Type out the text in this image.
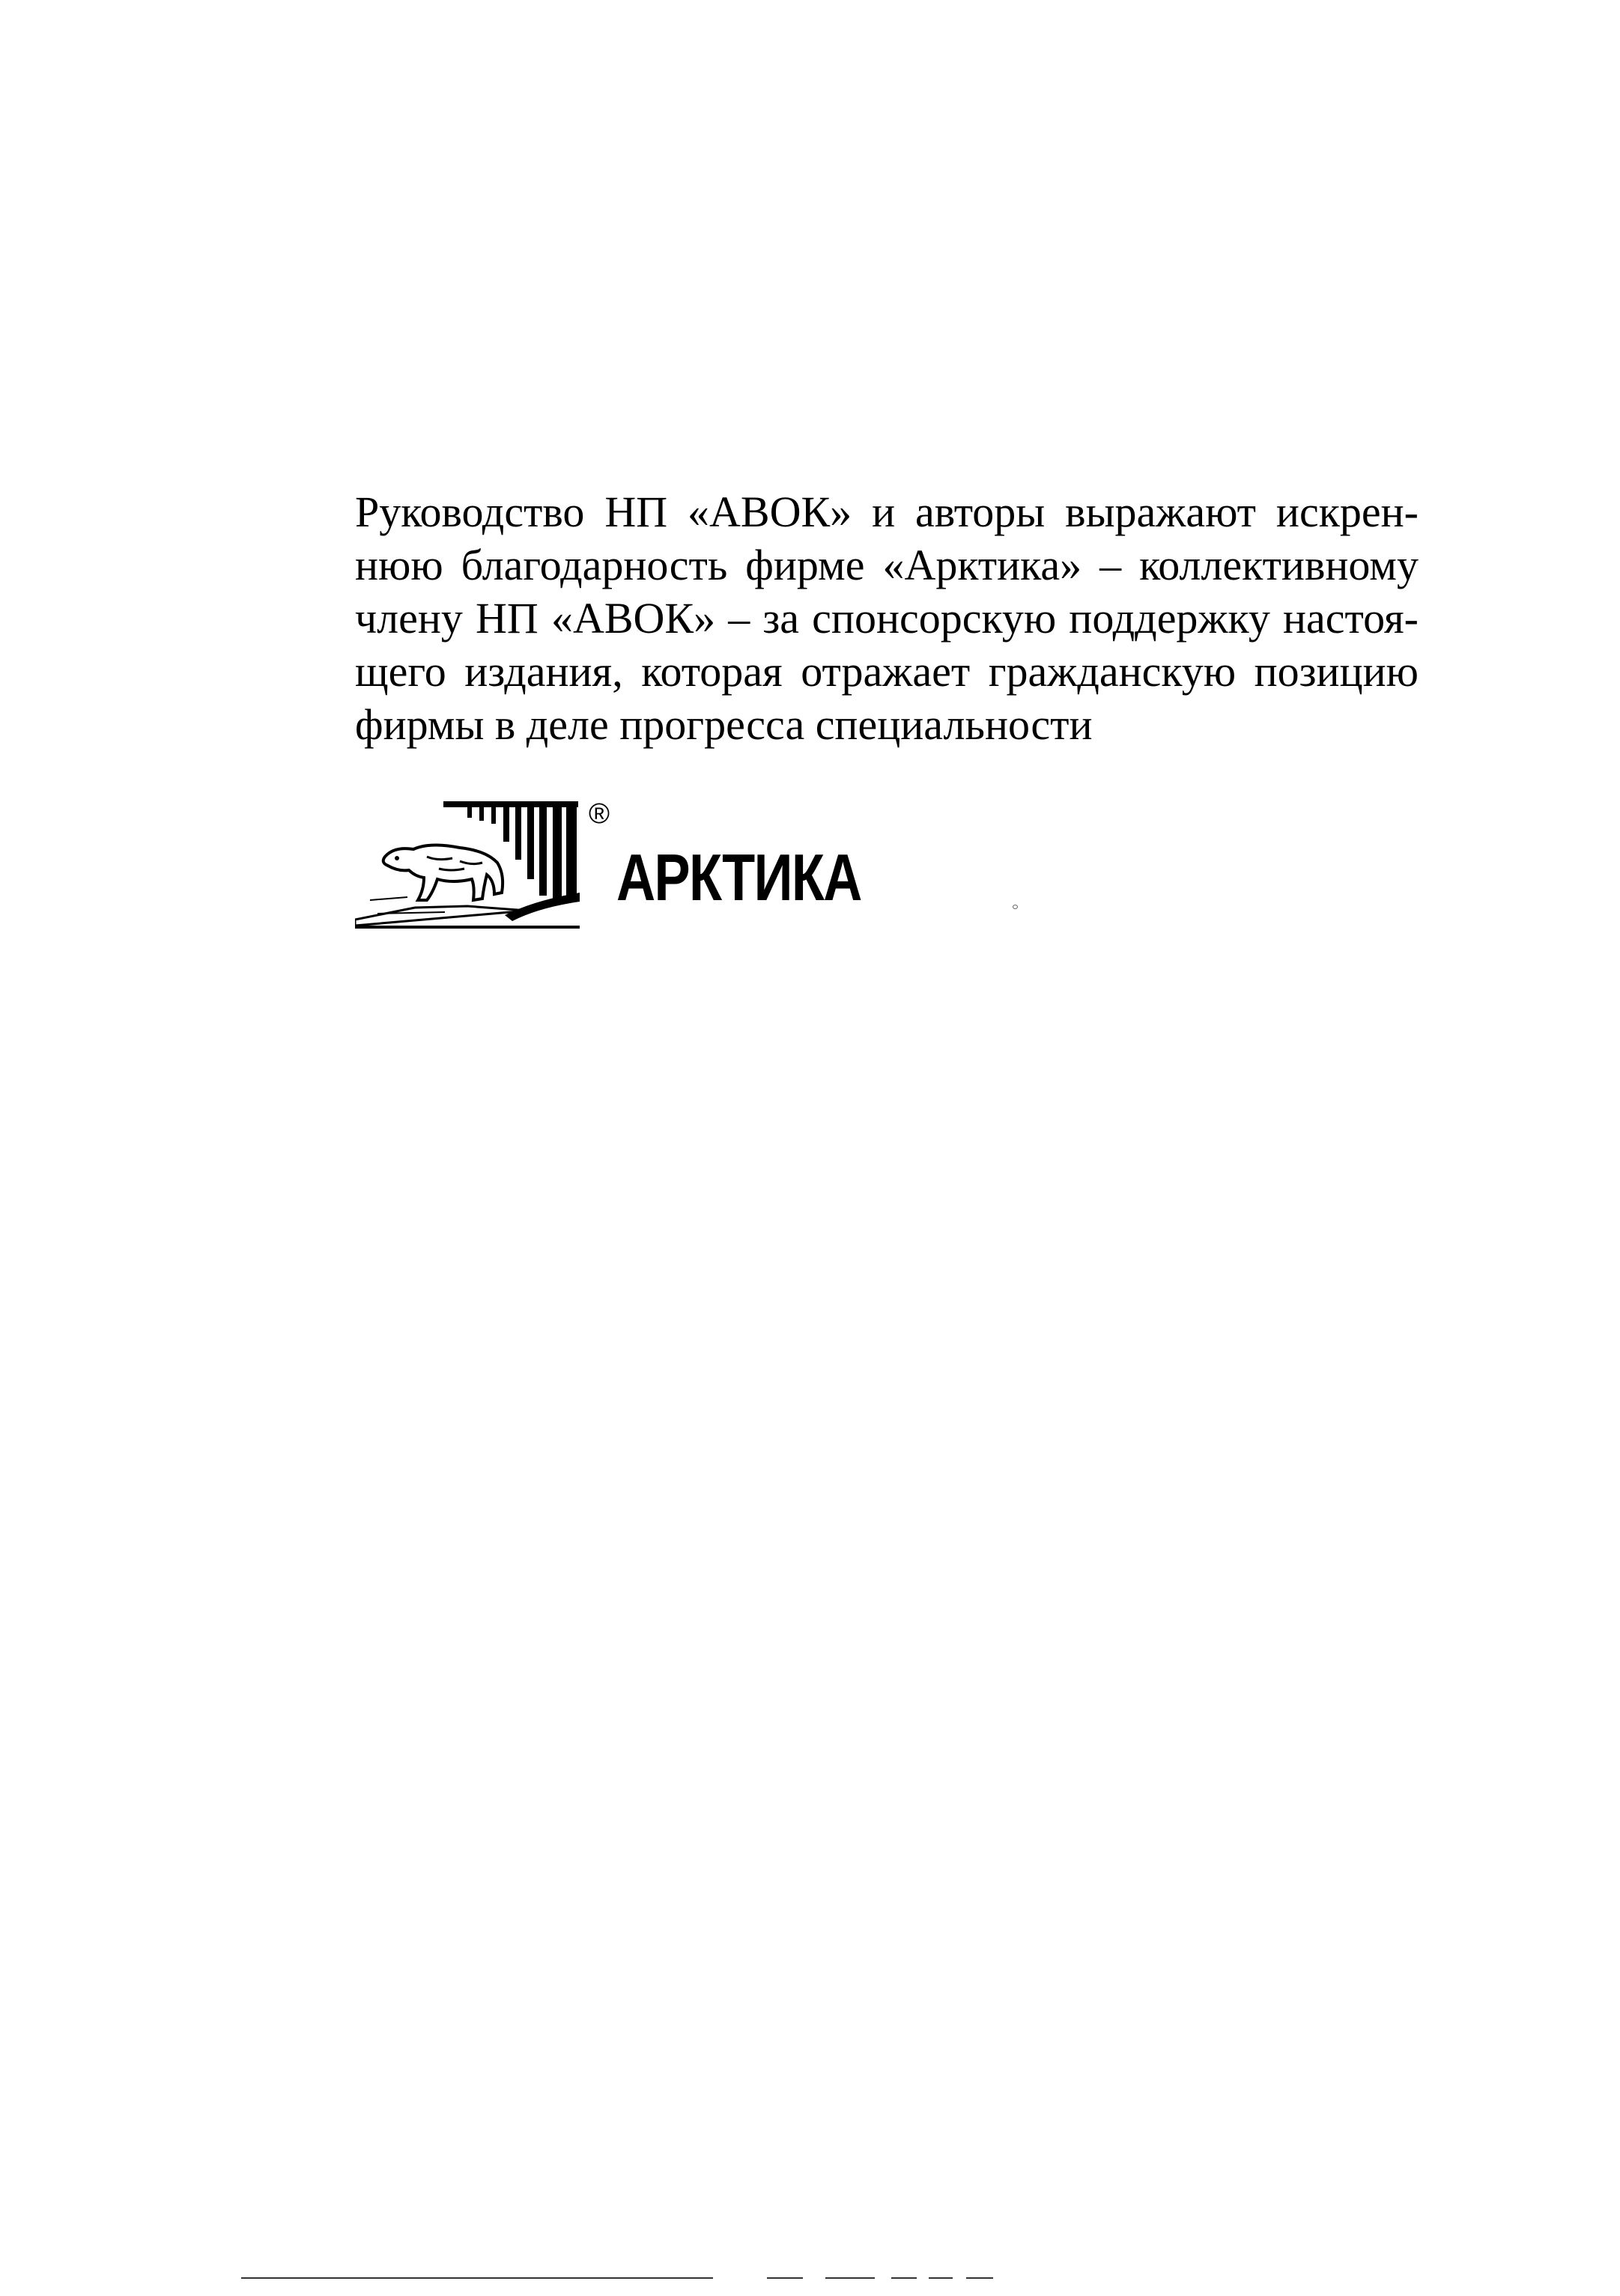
Руководство НП «АВОК» и авторы выражают искрен-
нюю благодарность фирме «Арктика» – коллективному
члену НП «АВОК» – за спонсорскую поддержку настоя-
щего издания, которая отражает гражданскую позицию
фирмы в деле прогресса специальности

®
АРКТИКА
